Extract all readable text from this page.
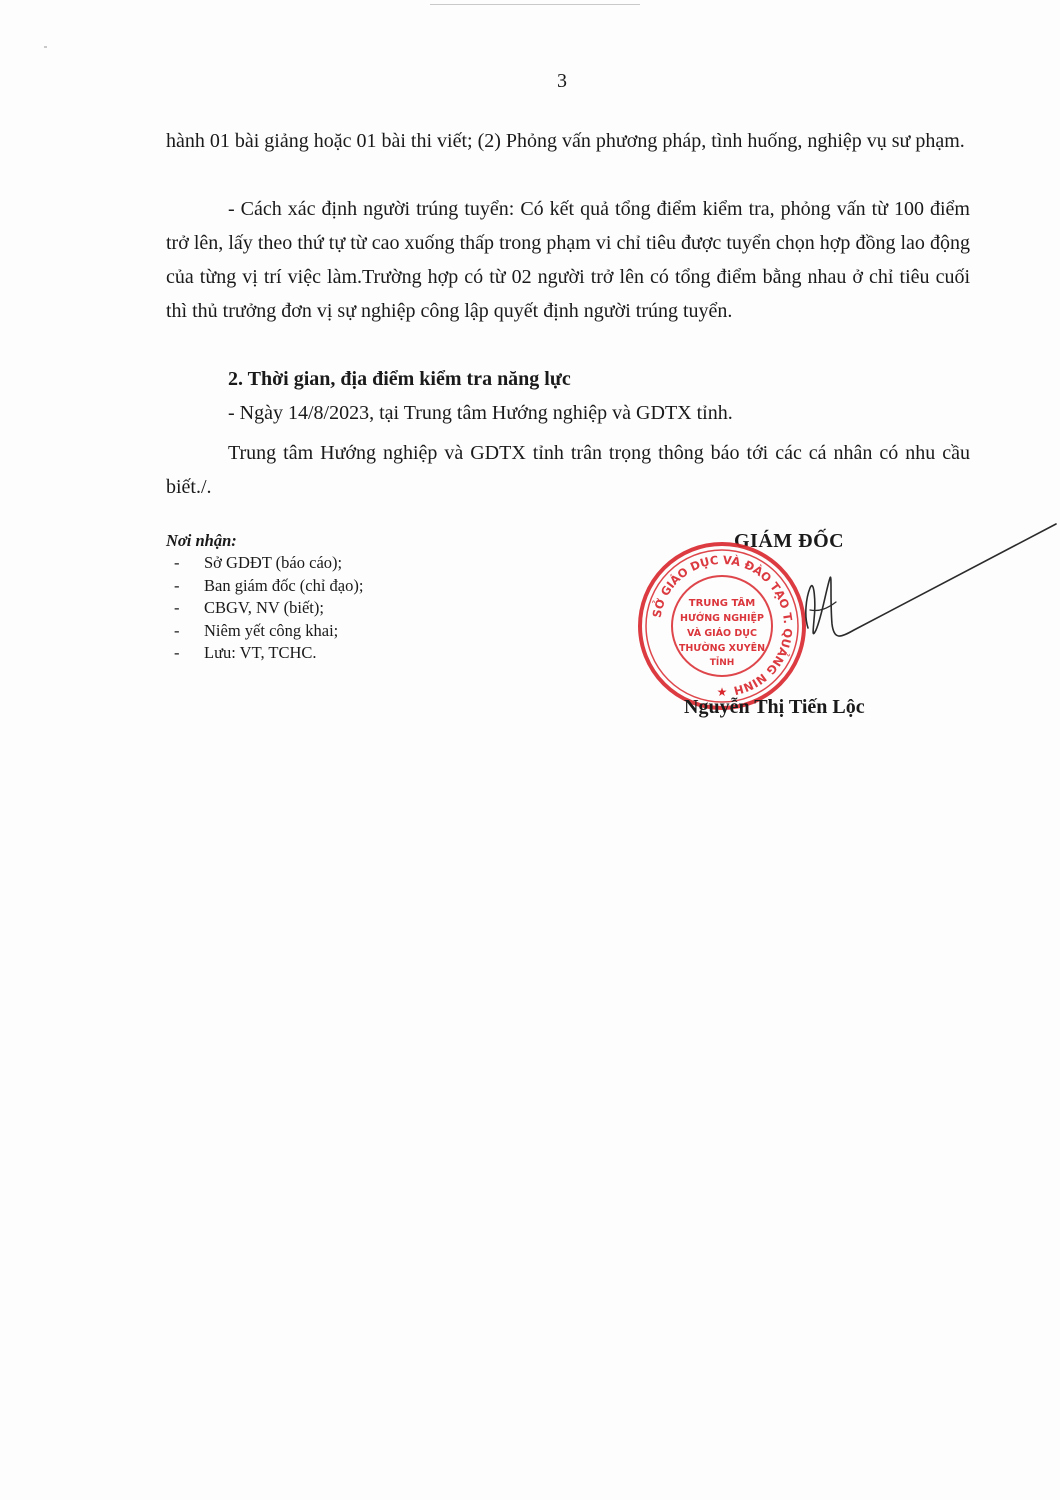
3

hành 01 bài giảng hoặc 01 bài thi viết; (2) Phỏng vấn phương pháp, tình huống, nghiệp vụ sư phạm.

- Cách xác định người trúng tuyển: Có kết quả tổng điểm kiểm tra, phỏng vấn từ 100 điểm trở lên, lấy theo thứ tự từ cao xuống thấp trong phạm vi chỉ tiêu được tuyển chọn hợp đồng lao động của từng vị trí việc làm.Trường hợp có từ 02 người trở lên có tổng điểm bằng nhau ở chỉ tiêu cuối thì thủ trưởng đơn vị sự nghiệp công lập quyết định người trúng tuyển.

2. Thời gian, địa điểm kiểm tra năng lực

- Ngày 14/8/2023, tại Trung tâm Hướng nghiệp và GDTX tỉnh.

Trung tâm Hướng nghiệp và GDTX tỉnh trân trọng thông báo tới các cá nhân có nhu cầu biết./.

Nơi nhận:
- Sở GDĐT (báo cáo);
- Ban giám đốc (chỉ đạo);
- CBGV, NV (biết);
- Niêm yết công khai;
- Lưu: VT, TCHC.
GIÁM ĐỐC
SỞ GIÁO DỤC VÀ ĐÀO TẠO T. QUẢNG NINH
TRUNG TÂM
HƯỚNG NGHIỆP
VÀ GIÁO DỤC
THƯỜNG XUYÊN
TỈNH
★
Nguyễn Thị Tiến Lộc
